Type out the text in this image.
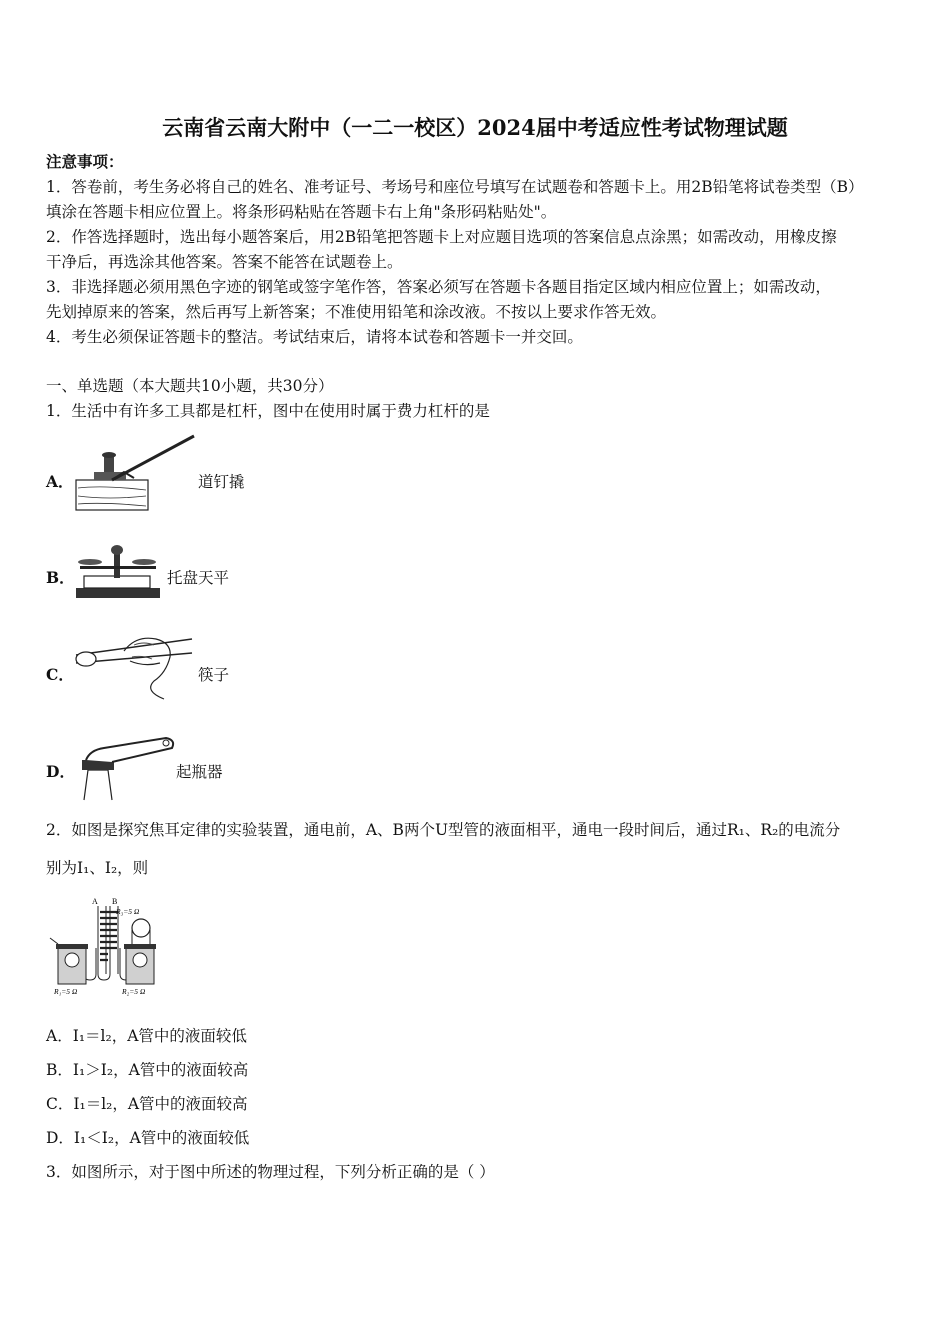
云南省云南大附中（一二一校区）2024届中考适应性考试物理试题
注意事项：
1．答卷前，考生务必将自己的姓名、准考证号、考场号和座位号填写在试题卷和答题卡上。用2B铅笔将试卷类型（B）
填涂在答题卡相应位置上。将条形码粘贴在答题卡右上角"条形码粘贴处"。
2．作答选择题时，选出每小题答案后，用2B铅笔把答题卡上对应题目选项的答案信息点涂黑；如需改动，用橡皮擦
干净后，再选涂其他答案。答案不能答在试题卷上。
3．非选择题必须用黑色字迹的钢笔或签字笔作答，答案必须写在答题卡各题目指定区域内相应位置上；如需改动，
先划掉原来的答案，然后再写上新答案；不准使用铅笔和涂改液。不按以上要求作答无效。
4．考生必须保证答题卡的整洁。考试结束后，请将本试卷和答题卡一并交回。
一、单选题（本大题共10小题，共30分）
1．生活中有许多工具都是杠杆，图中在使用时属于费力杠杆的是
A．	道钉撬
B．	托盘天平
C．	筷子
D．	起瓶器
2．如图是探究焦耳定律的实验装置，通电前，A、B两个U型管的液面相平，通电一段时间后，通过R₁、R₂的电流分
别为I₁、I₂，则
A B
R₃=5 Ω
R₁=5 Ω	R₂=5 Ω
A．I₁＝l₂，A管中的液面较低
B．I₁＞I₂，A管中的液面较高
C．I₁＝l₂，A管中的液面较高
D．I₁＜I₂，A管中的液面较低
3．如图所示，对于图中所述的物理过程，下列分析正确的是（ ）
